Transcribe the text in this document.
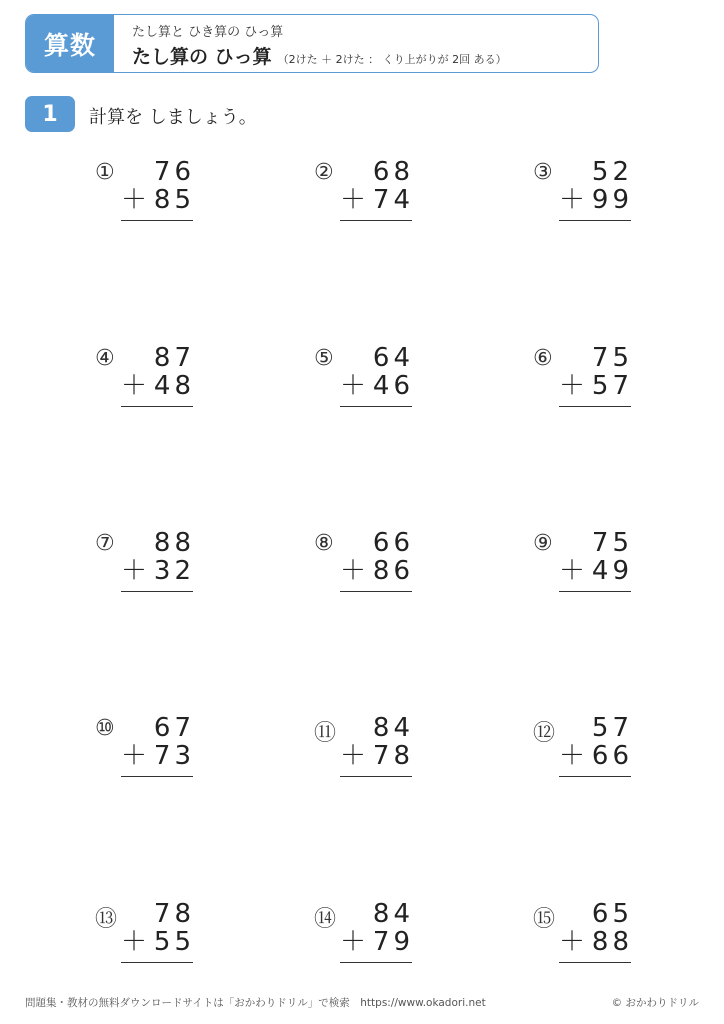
算数	たし算と ひき算の ひっ算
たし算の ひっ算 （2けた ＋ 2けた ： くり上がりが 2回 ある）
1	計算を しましょう。
①	76
＋ 85
②	68
＋ 74
③	52
＋ 99
④	87
＋ 48
⑤	64
＋ 46
⑥	75
＋ 57
⑦	88
＋ 32
⑧	66
＋ 86
⑨	75
＋ 49
⑩	67
＋ 73
⑪	84
＋ 78
⑫	57
＋ 66
⑬	78
＋ 55
⑭	84
＋ 79
⑮	65
＋ 88
問題集・教材の無料ダウンロードサイトは「おかわりドリル」で検索　https://www.okadori.net	© おかわりドリル
